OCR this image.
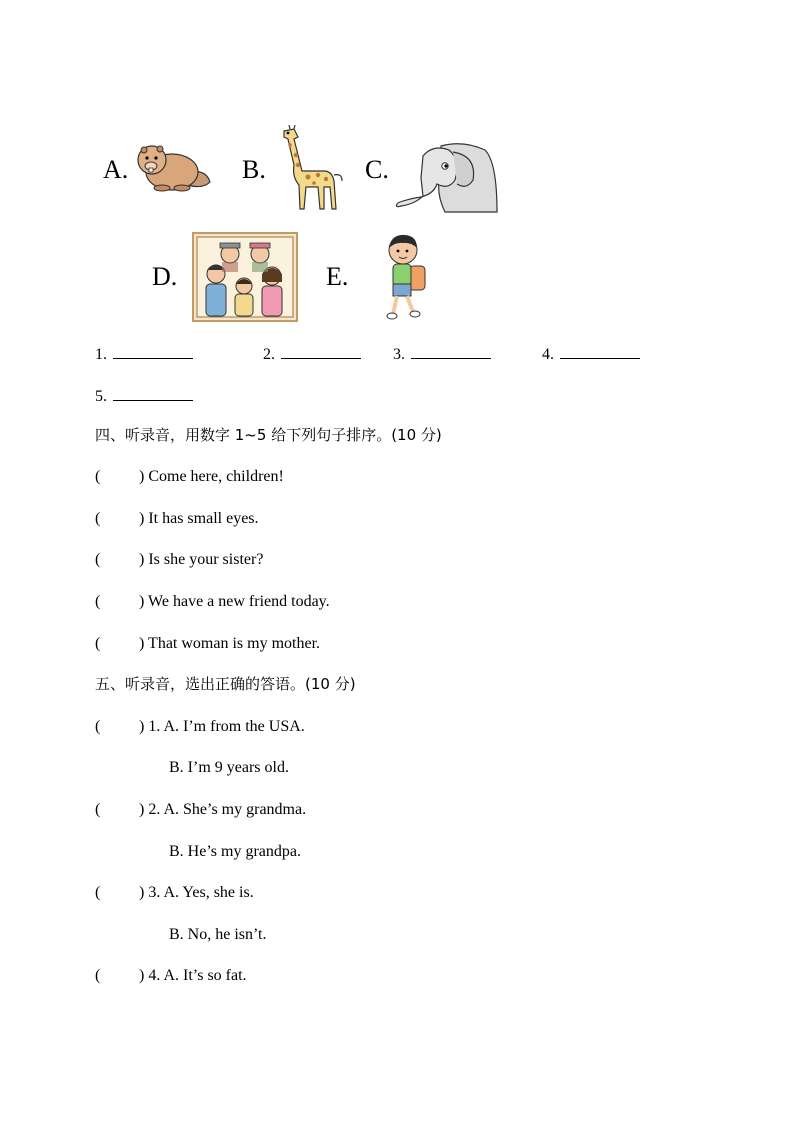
A.	B.	C.
D.	E.
1.	2.	3.	4.
5.
四、听录音，用数字 1~5 给下列句子排序。(10 分)
( ) Come here, children!
( ) It has small eyes.
( ) Is she your sister?
( ) We have a new friend today.
( ) That woman is my mother.
五、听录音，选出正确的答语。(10 分)
( ) 1. A. I’m from the USA.
B. I’m 9 years old.
( ) 2. A. She’s my grandma.
B. He’s my grandpa.
( ) 3. A. Yes, she is.
B. No, he isn’t.
( ) 4. A. It’s so fat.
